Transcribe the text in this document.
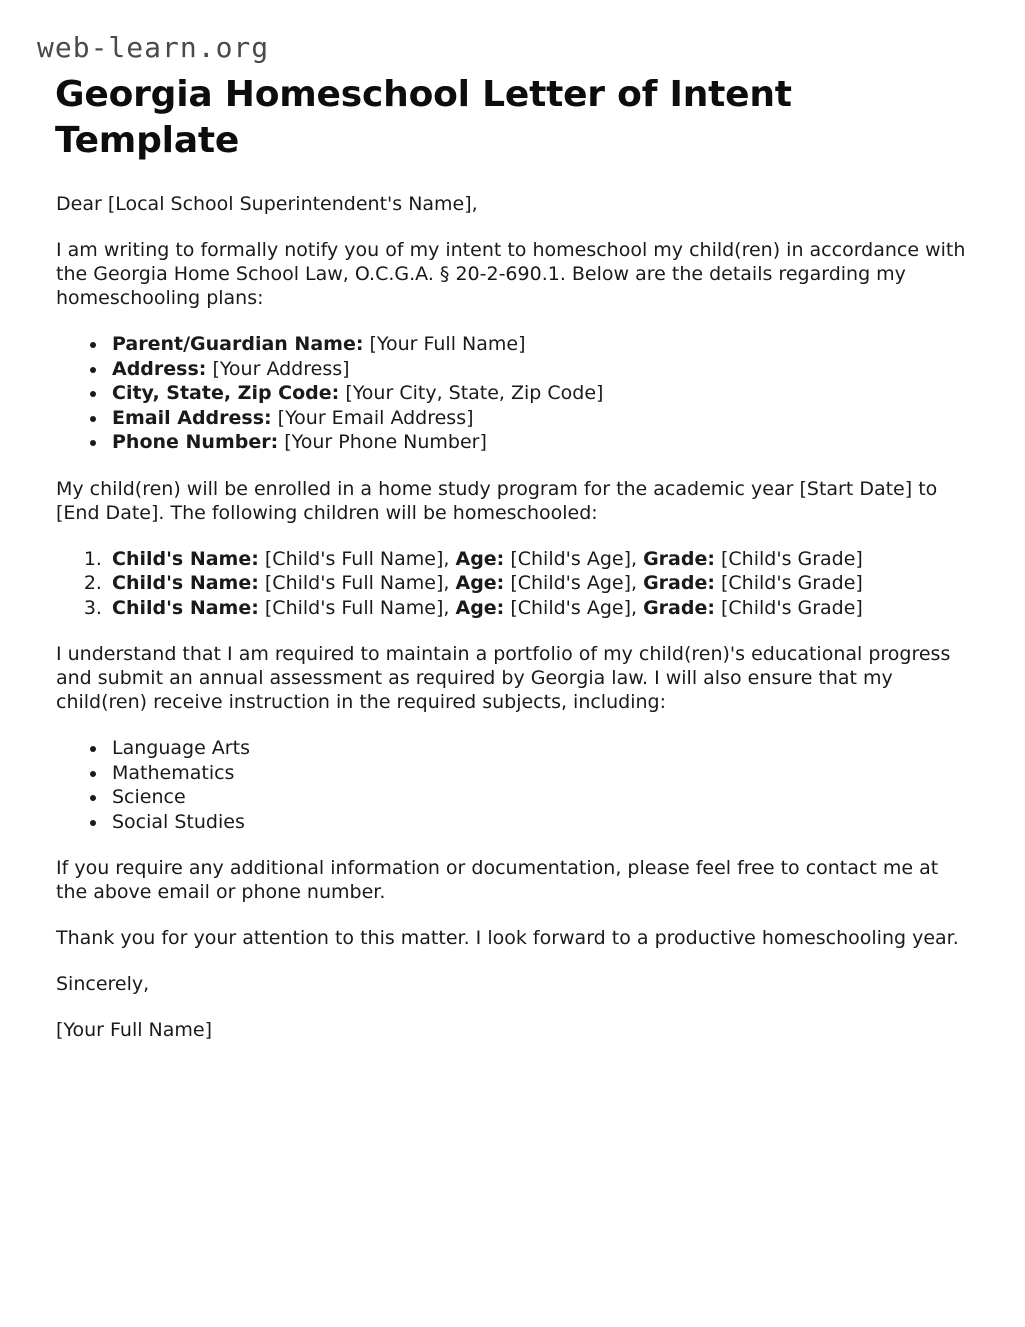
web-learn.org
Georgia Homeschool Letter of Intent Template

Dear [Local School Superintendent's Name],

I am writing to formally notify you of my intent to homeschool my child(ren) in accordance with the Georgia Home School Law, O.C.G.A. § 20-2-690.1. Below are the details regarding my homeschooling plans:

• Parent/Guardian Name: [Your Full Name]
• Address: [Your Address]
• City, State, Zip Code: [Your City, State, Zip Code]
• Email Address: [Your Email Address]
• Phone Number: [Your Phone Number]

My child(ren) will be enrolled in a home study program for the academic year [Start Date] to [End Date]. The following children will be homeschooled:

1. Child's Name: [Child's Full Name], Age: [Child's Age], Grade: [Child's Grade]
2. Child's Name: [Child's Full Name], Age: [Child's Age], Grade: [Child's Grade]
3. Child's Name: [Child's Full Name], Age: [Child's Age], Grade: [Child's Grade]

I understand that I am required to maintain a portfolio of my child(ren)'s educational progress and submit an annual assessment as required by Georgia law. I will also ensure that my child(ren) receive instruction in the required subjects, including:

• Language Arts
• Mathematics
• Science
• Social Studies

If you require any additional information or documentation, please feel free to contact me at the above email or phone number.

Thank you for your attention to this matter. I look forward to a productive homeschooling year.

Sincerely,

[Your Full Name]
